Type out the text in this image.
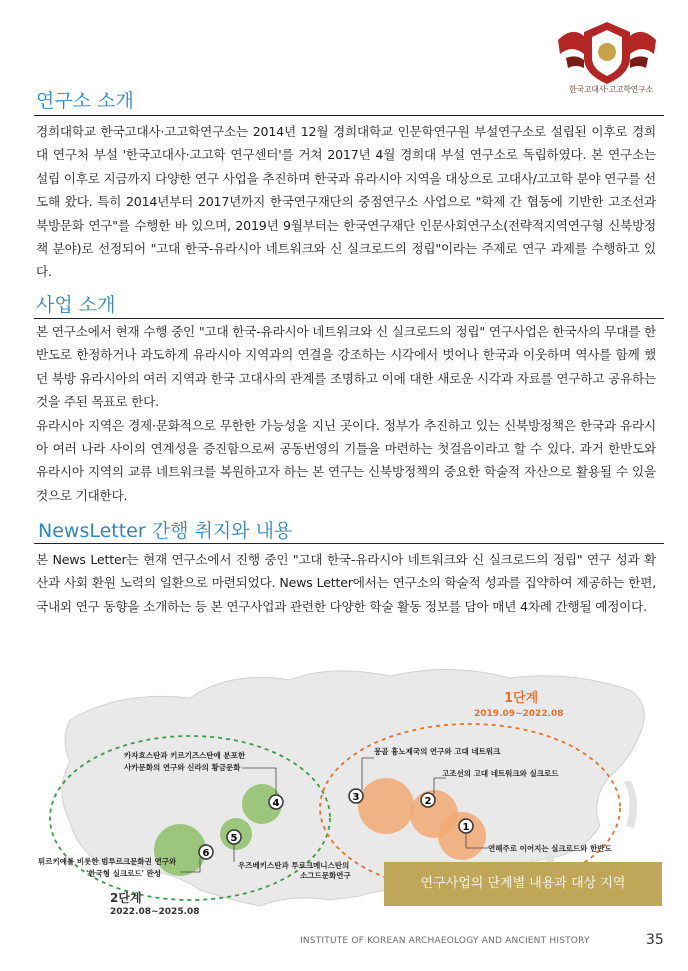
한국고대사·고고학연구소
연구소 소개

경희대학교 한국고대사·고고학연구소는 2014년 12월 경희대학교 인문학연구원 부설연구소로 설립된 이후로 경희대 연구처 부설 '한국고대사·고고학 연구센터'를 거쳐 2017년 4월 경희대 부설 연구소로 독립하였다. 본 연구소는 설립 이후로 지금까지 다양한 연구 사업을 추진하며 한국과 유라시아 지역을 대상으로 고대사/고고학 분야 연구를 선도해 왔다. 특히 2014년부터 2017년까지 한국연구재단의 중점연구소 사업으로 "학제 간 협동에 기반한 고조선과 북방문화 연구"를 수행한 바 있으며, 2019년 9월부터는 한국연구재단 인문사회연구소(전략적지역연구형 신북방정책 분야)로 선정되어 "고대 한국-유라시아 네트워크와 신 실크로드의 정립"이라는 주제로 연구 과제를 수행하고 있다.

사업 소개

본 연구소에서 현재 수행 중인 "고대 한국-유라시아 네트워크와 신 실크로드의 정립" 연구사업은 한국사의 무대를 한반도로 한정하거나 과도하게 유라시아 지역과의 연결을 강조하는 시각에서 벗어나 한국과 이웃하며 역사를 함께 했던 북방 유라시아의 여러 지역과 한국 고대사의 관계를 조명하고 이에 대한 새로운 시각과 자료를 연구하고 공유하는 것을 주된 목표로 한다.

유라시아 지역은 경제·문화적으로 무한한 가능성을 지닌 곳이다. 정부가 추진하고 있는 신북방정책은 한국과 유라시아 여러 나라 사이의 연계성을 증진함으로써 공동번영의 기틀을 마련하는 첫걸음이라고 할 수 있다. 과거 한반도와 유라시아 지역의 교류 네트워크를 복원하고자 하는 본 연구는 신북방정책의 중요한 학술적 자산으로 활용될 수 있을 것으로 기대한다.

NewsLetter 간행 취지와 내용

본 News Letter는 현재 연구소에서 진행 중인 "고대 한국-유라시아 네트워크와 신 실크로드의 정립" 연구 성과 확산과 사회 환원 노력의 일환으로 마련되었다. News Letter에서는 연구소의 학술적 성과를 집약하여 제공하는 한편, 국내외 연구 동향을 소개하는 등 본 연구사업과 관련한 다양한 학술 활동 정보를 담아 매년 4차례 간행될 예정이다.

1
2
3
4
5
6
1단계
2019.09~2022.08
2단계
2022.08~2025.08
몽골 흉노제국의 연구와 고대 네트워크
고조선의 고대 네트워크와 실크로드
연해주로 이어지는 실크로드와 한반도
카자흐스탄과 키르기즈스탄에 분포한
사카문화의 연구와 신라의 황금문화
우즈베키스탄과 투르크메니스탄의
소그드문화연구
튀르키예를 비롯한 범투르크문화권 연구와
'한국형 실크로드' 완성
연구사업의 단계별 내용과 대상 지역
INSTITUTE OF KOREAN ARCHAEOLOGY AND ANCIENT HISTORY	35
